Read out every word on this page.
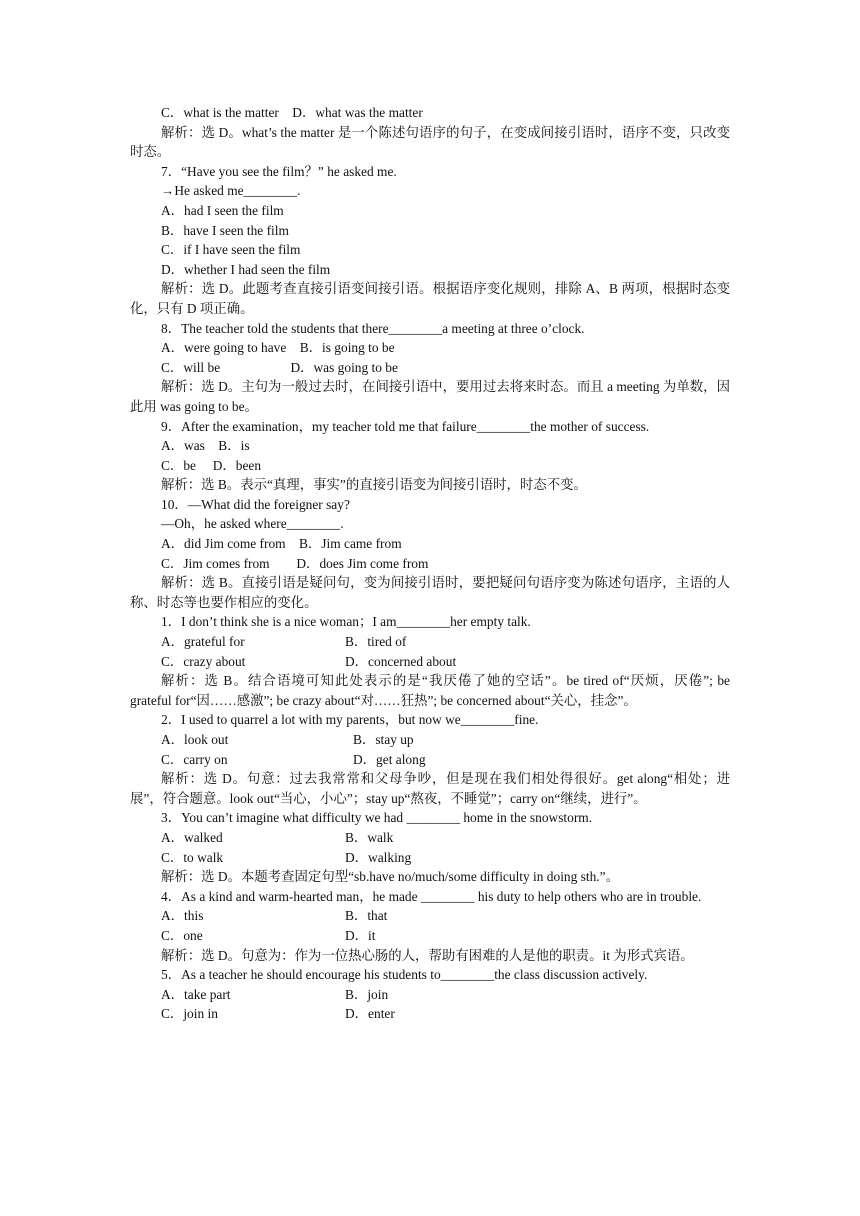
C．what is the matter　D．what was the matter

解析：选 D。what’s the matter 是一个陈述句语序的句子，在变成间接引语时，语序不变，只改变时态。

7．“Have you see the film？” he asked me.
→He asked me________.
A．had I seen the film
B．have I seen the film
C．if I have seen the film
D．whether I had seen the film

解析：选 D。此题考查直接引语变间接引语。根据语序变化规则，排除 A、B 两项，根据时态变化，只有 D 项正确。

8．The teacher told the students that there________a meeting at three o’clock.
A．were going to have　B．is going to be
C．will be　　　　　 D．was going to be

解析：选 D。主句为一般过去时，在间接引语中，要用过去将来时态。而且 a meeting 为单数，因此用 was going to be。

9．After the examination，my teacher told me that failure________the mother of success.
A．was　B．is
C．be　 D．been

解析：选 B。表示“真理，事实”的直接引语变为间接引语时，时态不变。

10．—What did the foreigner say?
—Oh，he asked where________.
A．did Jim come from　B．Jim came from
C．Jim comes from　　D．does Jim come from

解析：选 B。直接引语是疑问句，变为间接引语时，要把疑问句语序变为陈述句语序，主语的人称、时态等也要作相应的变化。

1．I don’t think she is a nice woman；I am________her empty talk.
A．grateful for	B．tired of
C．crazy about	D．concerned about

解析：选 B。结合语境可知此处表示的是“我厌倦了她的空话”。be tired of“厌烦，厌倦”; be grateful for“因……感激”; be crazy about“对……狂热”; be concerned about“关心，挂念”。

2．I used to quarrel a lot with my parents，but now we________fine.
A．look out	B．stay up
C．carry on	D．get along

解析：选 D。句意：过去我常常和父母争吵，但是现在我们相处得很好。get along“相处；进展”，符合题意。look out“当心，小心”；stay up“熬夜，不睡觉”；carry on“继续，进行”。

3．You can’t imagine what difficulty we had ________ home in the snowstorm.
A．walked	B．walk
C．to walk	D．walking

解析：选 D。本题考查固定句型“sb.have no/much/some difficulty in doing sth.”。

4．As a kind and warm-hearted man，he made ________ his duty to help others who are in trouble.

A．this	B．that
C．one	D．it

解析：选 D。句意为：作为一位热心肠的人，帮助有困难的人是他的职责。it 为形式宾语。

5．As a teacher he should encourage his students to________the class discussion actively.
A．take part	B．join
C．join in	D．enter
